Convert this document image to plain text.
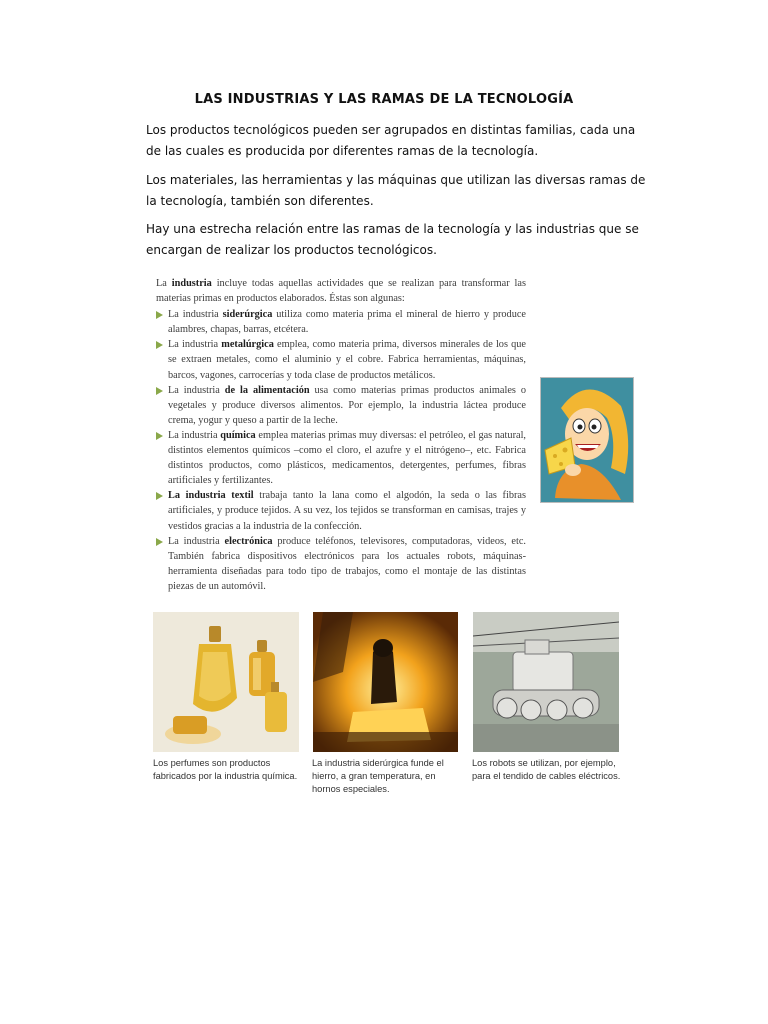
LAS INDUSTRIAS Y LAS RAMAS DE LA TECNOLOGÍA

Los productos tecnológicos pueden ser agrupados en distintas familias, cada una de las cuales es producida por diferentes ramas de la tecnología.

Los materiales, las herramientas y las máquinas que utilizan las diversas ramas de la tecnología, también son diferentes.

Hay una estrecha relación entre las ramas de la tecnología y las industrias que se encargan de realizar los productos tecnológicos.

La industria incluye todas aquellas actividades que se realizan para transformar las materias primas en productos elaborados. Éstas son algunas:

La industria siderúrgica utiliza como materia prima el mineral de hierro y produce alambres, chapas, barras, etcétera.
La industria metalúrgica emplea, como materia prima, diversos minerales de los que se extraen metales, como el aluminio y el cobre. Fabrica herramientas, máquinas, barcos, vagones, carrocerías y toda clase de productos metálicos.
La industria de la alimentación usa como materias primas productos animales o vegetales y produce diversos alimentos. Por ejemplo, la industria láctea produce crema, yogur y queso a partir de la leche.
La industria química emplea materias primas muy diversas: el petróleo, el gas natural, distintos elementos químicos –como el cloro, el azufre y el nitrógeno–, etc. Fabrica distintos productos, como plásticos, medicamentos, detergentes, perfumes, fibras artificiales y fertilizantes.
La industria textil trabaja tanto la lana como el algodón, la seda o las fibras artificiales, y produce tejidos. A su vez, los tejidos se transforman en camisas, trajes y vestidos gracias a la industria de la confección.
La industria electrónica produce teléfonos, televisores, computadoras, videos, etc. También fabrica dispositivos electrónicos para los actuales robots, máquinas-herramienta diseñadas para todo tipo de trabajos, como el montaje de las distintas piezas de un automóvil.
Los perfumes son productos fabricados por la industria química.
La industria siderúrgica funde el hierro, a gran temperatura, en hornos especiales.
Los robots se utilizan, por ejemplo, para el tendido de cables eléctricos.
